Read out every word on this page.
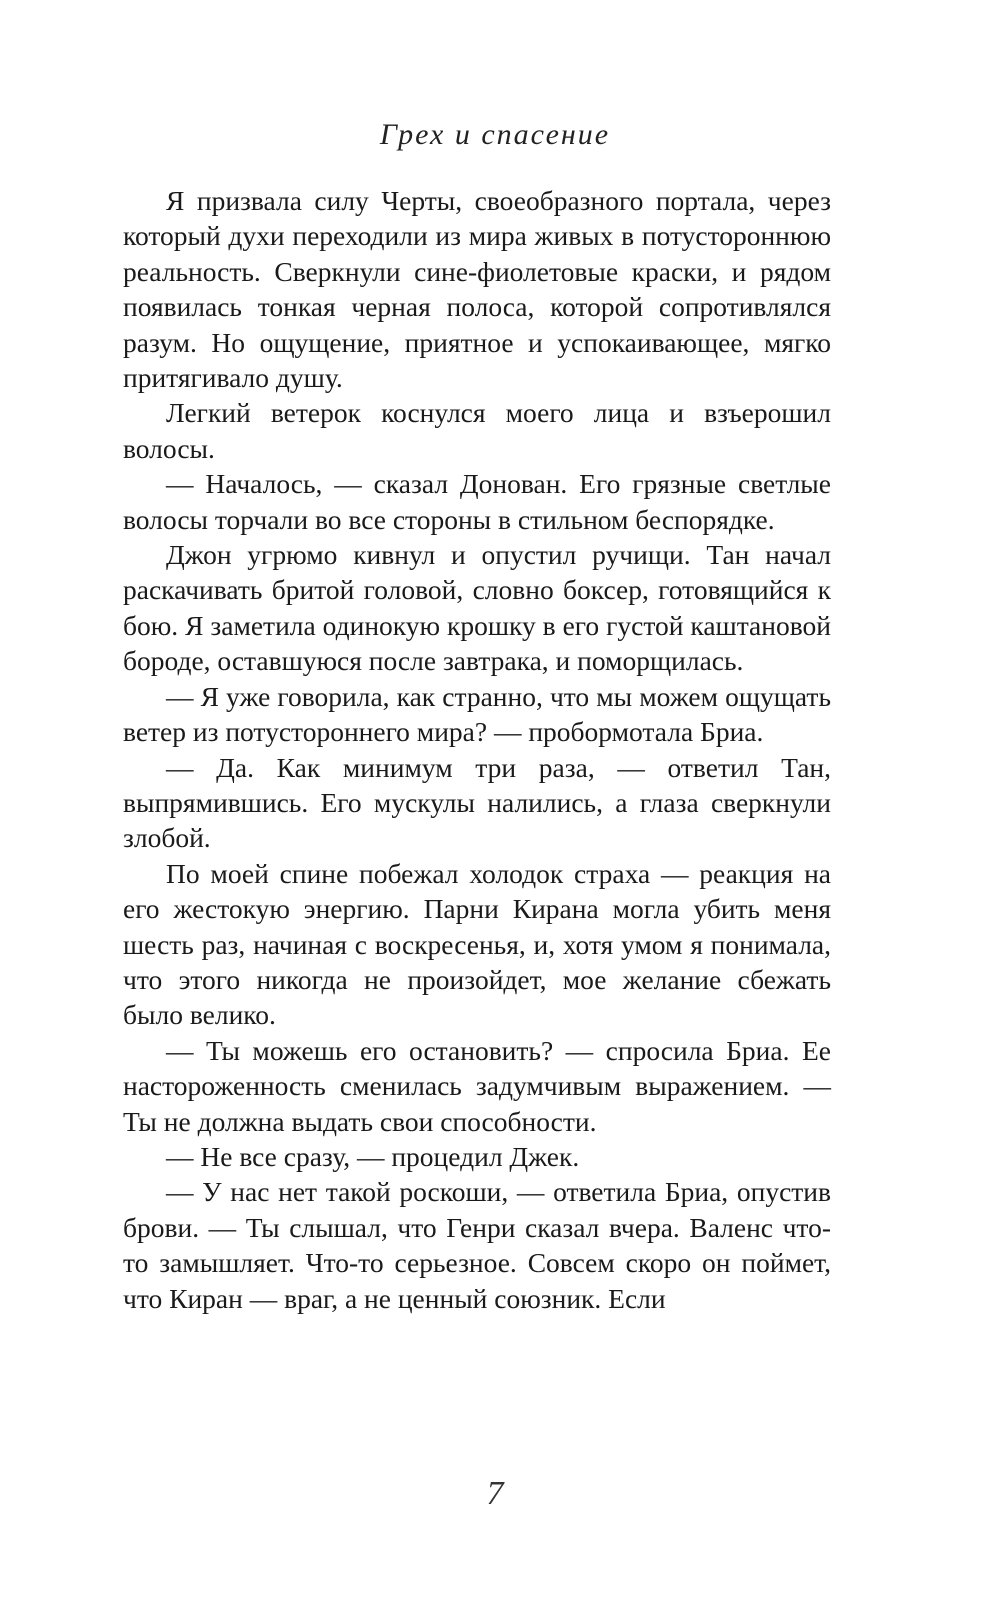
Грех и спасение

Я призвала силу Черты, своеобразного портала, через который духи переходили из мира живых в потустороннюю реальность. Сверкнули сине-фиолетовые краски, и рядом появилась тонкая черная полоса, которой сопротивлялся разум. Но ощущение, приятное и успокаивающее, мягко притягивало душу.

Легкий ветерок коснулся моего лица и взъерошил волосы.

— Началось, — сказал Донован. Его грязные светлые волосы торчали во все стороны в стильном беспорядке.

Джон угрюмо кивнул и опустил ручищи. Тан начал раскачивать бритой головой, словно боксер, готовящийся к бою. Я заметила одинокую крошку в его густой каштановой бороде, оставшуюся после завтрака, и поморщилась.

— Я уже говорила, как странно, что мы можем ощущать ветер из потустороннего мира? — пробормотала Бриа.

— Да. Как минимум три раза, — ответил Тан, выпрямившись. Его мускулы налились, а глаза сверкнули злобой.

По моей спине побежал холодок страха — реакция на его жестокую энергию. Парни Кирана могла убить меня шесть раз, начиная с воскресенья, и, хотя умом я понимала, что этого никогда не произойдет, мое желание сбежать было велико.

— Ты можешь его остановить? — спросила Бриа. Ее настороженность сменилась задумчивым выражением. — Ты не должна выдать свои способности.

— Не все сразу, — процедил Джек.

— У нас нет такой роскоши, — ответила Бриа, опустив брови. — Ты слышал, что Генри сказал вчера. Валенс что-то замышляет. Что-то серьезное. Совсем скоро он поймет, что Киран — враг, а не ценный союзник. Если

7
